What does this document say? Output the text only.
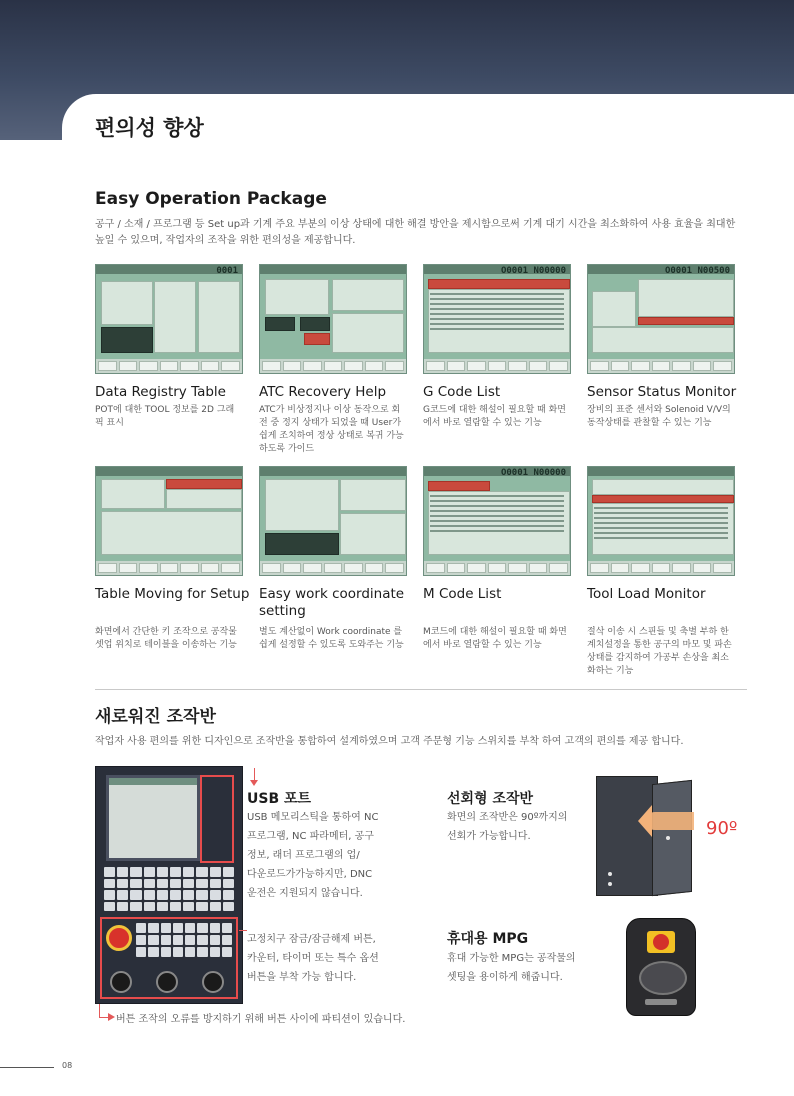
편의성 향상
Easy Operation Package

공구 / 소재 / 프로그램 등 Set up과 기계 주요 부분의 이상 상태에 대한 해결 방안을 제시함으로써 기계 대기 시간을 최소화하여 사용 효율을 최대한 높일 수 있으며, 작업자의 조작을 위한 편의성을 제공합니다.

0001	O0001 N00000	O0001 N00500

Data Registry Table

POT에 대한 TOOL 정보를 2D 그래픽 표시

ATC Recovery Help

ATC가 비상정지나 이상 동작으로 회전 중 정지 상태가 되었을 때 User가 쉽게 조치하여 정상 상태로 복귀 가능하도록 가이드

G Code List

G코드에 대한 해설이 필요할 때 화면에서 바로 열람할 수 있는 기능

Sensor Status Monitor

장비의 표준 센서와 Solenoid V/V의 동작상태를 관찰할 수 있는 기능

O0001 N00000

Table Moving for Setup

화면에서 간단한 키 조작으로 공작물 셋업 위치로 테이블을 이송하는 기능

Easy work coordinate setting

별도 계산없이 Work coordinate 를 쉽게 설정할 수 있도록 도와주는 기능

M Code List

M코드에 대한 해설이 필요할 때 화면에서 바로 열람할 수 있는 기능

Tool Load Monitor

절삭 이송 시 스핀들 및 축별 부하 한계치설정을 통한 공구의 마모 및 파손 상태를 감지하여 가공부 손상을 최소화하는 기능

새로워진 조작반

작업자 사용 편의를 위한 디자인으로 조작반을 통합하여 설계하였으며 고객 주문형 기능 스위치를 부착 하여 고객의 편의를 제공 합니다.

USB 포트

USB 메모리스틱을 통하여 NC

프로그램, NC 파라메터, 공구

정보, 래더 프로그램의 업/

다운로드가가능하지만, DNC

운전은 지원되지 않습니다.

고정치구 잠금/잠금해제 버튼,

카운터, 타이머 또는 특수 옵션

버튼을 부착 가능 합니다.

선회형 조작반

화면의 조작반은 90º까지의

선회가 가능합니다.	90º

휴대용 MPG

휴대 가능한 MPG는 공작물의

셋팅을 용이하게 해줍니다.

버튼 조작의 오류를 방지하기 위해 버튼 사이에 파티션이 있습니다.

08
